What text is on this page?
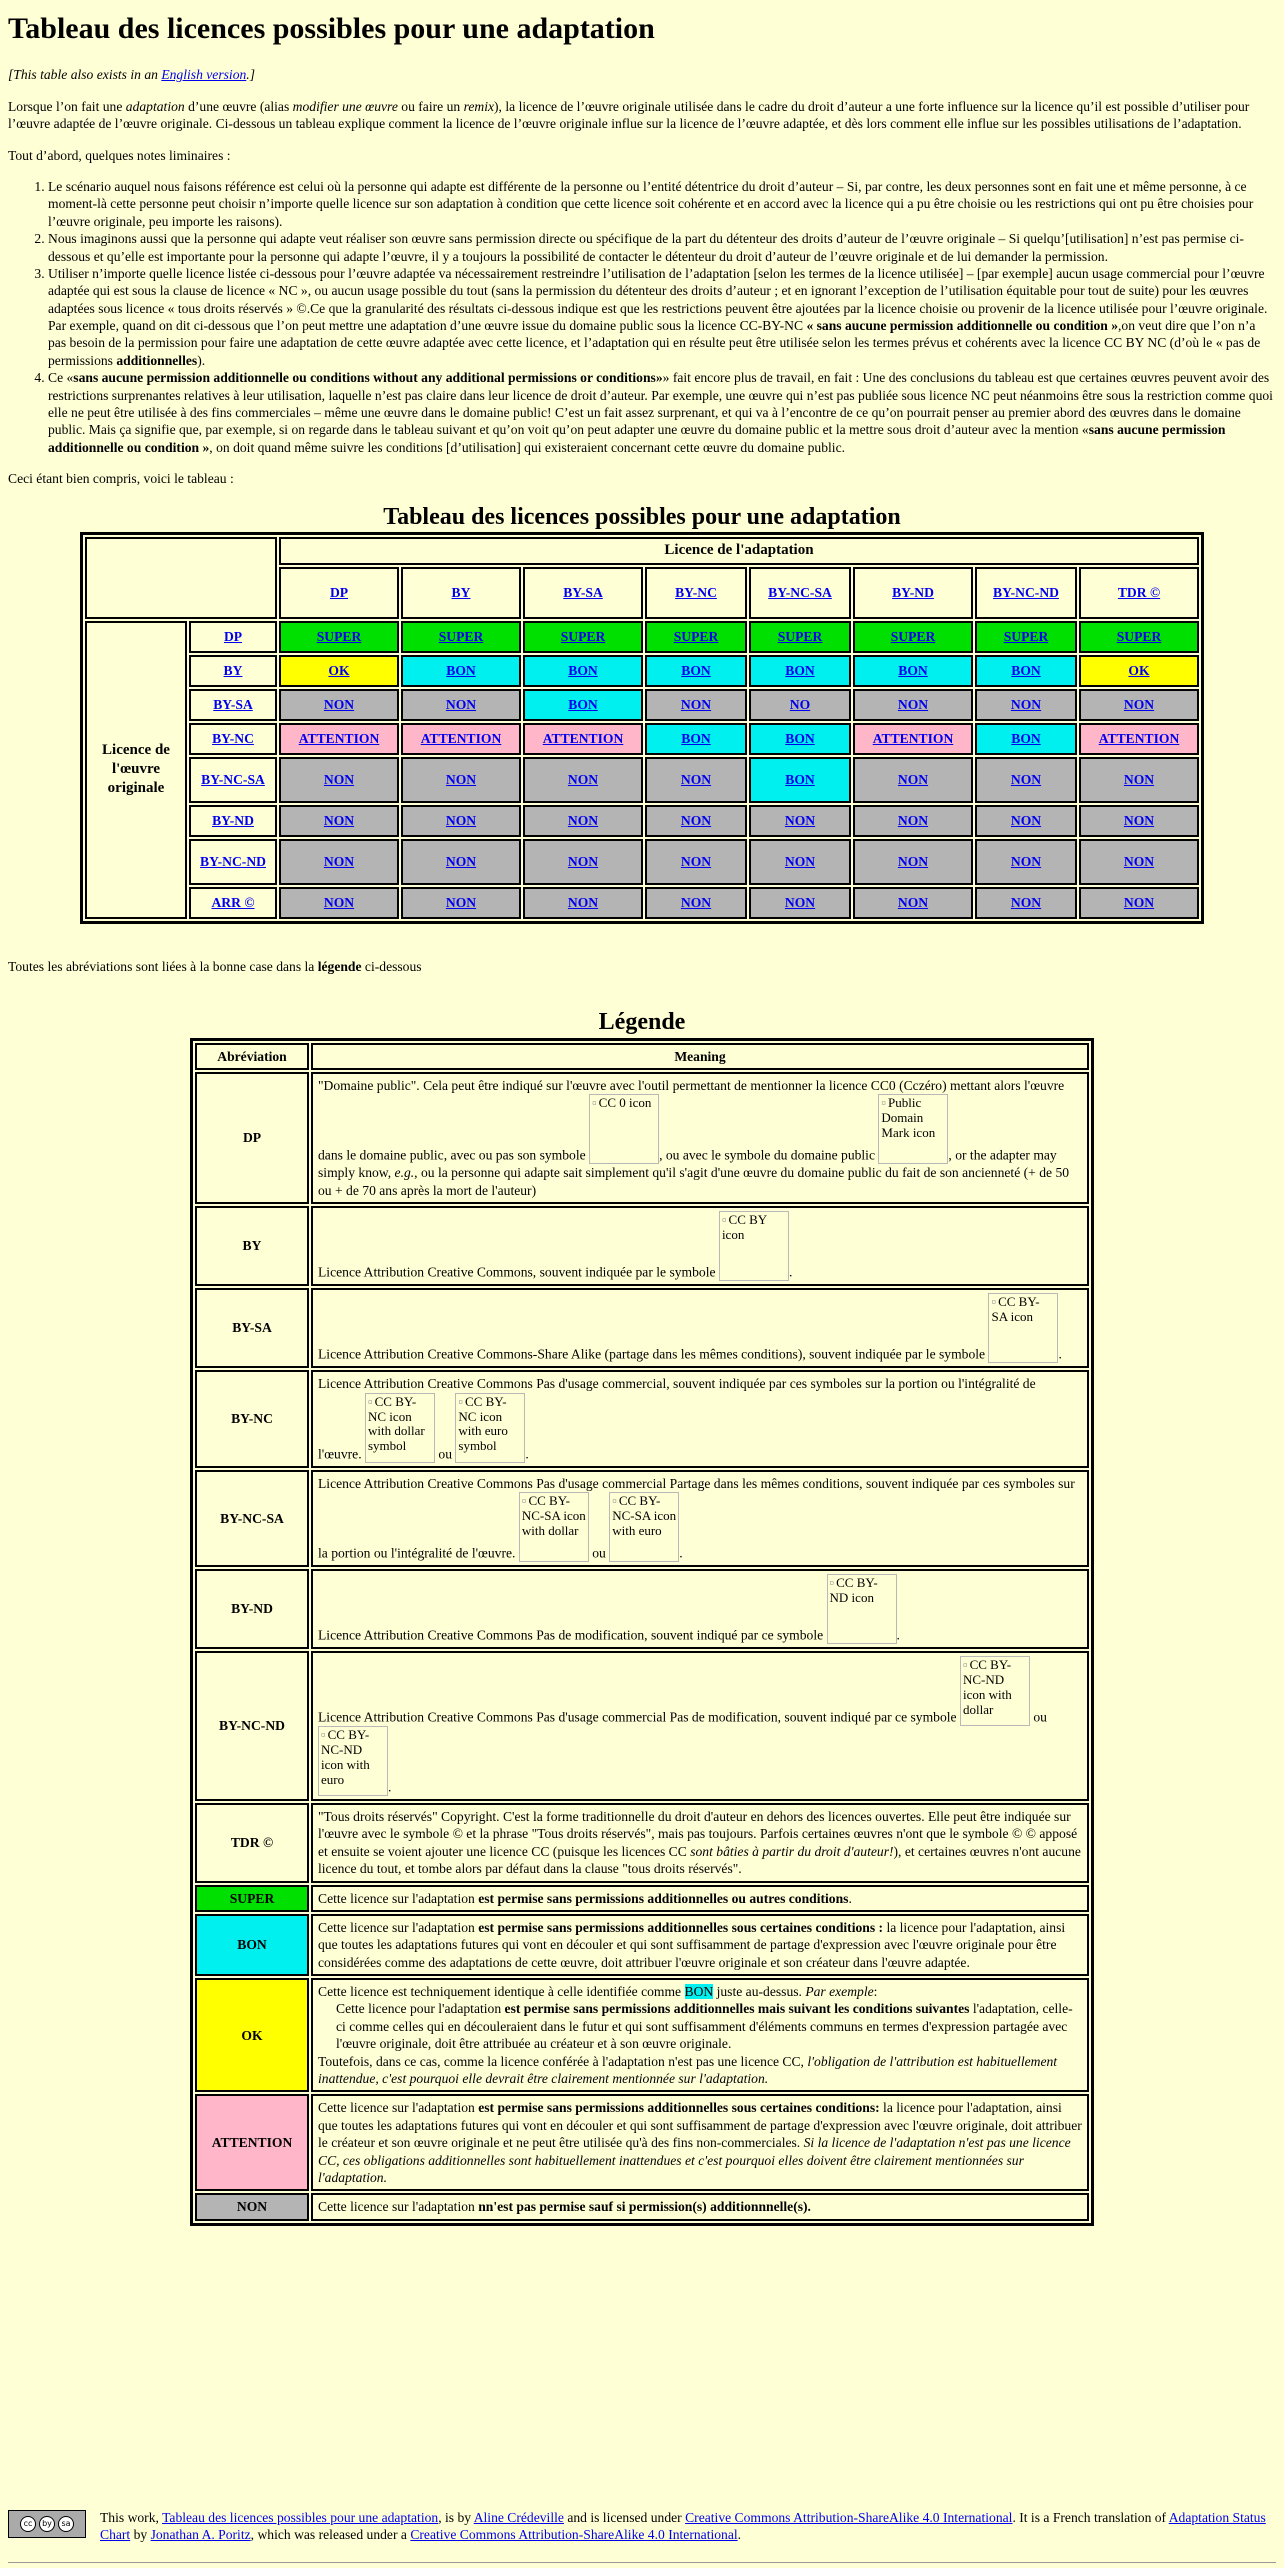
Tableau des licences possibles pour une adaptation

[This table also exists in an English version.]

Lorsque l’on fait une adaptation d’une œuvre (alias modifier une œuvre ou faire un remix), la licence de l’œuvre originale utilisée dans le cadre du droit d’auteur a une forte influence sur la licence qu’il est possible d’utiliser pour l’œuvre adaptée de l’œuvre originale. Ci-dessous un tableau explique comment la licence de l’œuvre originale influe sur la licence de l’œuvre adaptée, et dès lors comment elle influe sur les possibles utilisations de l’adaptation.

Tout d’abord, quelques notes liminaires :

1. Le scénario auquel nous faisons référence est celui où la personne qui adapte est différente de la personne ou l’entité détentrice du droit d’auteur – Si, par contre, les deux personnes sont en fait une et même personne, à ce moment-là cette personne peut choisir n’importe quelle licence sur son adaptation à condition que cette licence soit cohérente et en accord avec la licence qui a pu être choisie ou les restrictions qui ont pu être choisies pour l’œuvre originale, peu importe les raisons).
2. Nous imaginons aussi que la personne qui adapte veut réaliser son œuvre sans permission directe ou spécifique de la part du détenteur des droits d’auteur de l’œuvre originale – Si quelqu’[utilisation] n’est pas permise ci-dessous et qu’elle est importante pour la personne qui adapte l’œuvre, il y a toujours la possibilité de contacter le détenteur du droit d’auteur de l’œuvre originale et de lui demander la permission.
3. Utiliser n’importe quelle licence listée ci-dessous pour l’œuvre adaptée va nécessairement restreindre l’utilisation de l’adaptation [selon les termes de la licence utilisée] – [par exemple] aucun usage commercial pour l’œuvre adaptée qui est sous la clause de licence « NC », ou aucun usage possible du tout (sans la permission du détenteur des droits d’auteur ; et en ignorant l’exception de l’utilisation équitable pour tout de suite) pour les œuvres adaptées sous licence « tous droits réservés » ©.Ce que la granularité des résultats ci-dessous indique est que les restrictions peuvent être ajoutées par la licence choisie ou provenir de la licence utilisée pour l’œuvre originale. Par exemple, quand on dit ci-dessous que l’on peut mettre une adaptation d’une œuvre issue du domaine public sous la licence CC-BY-NC « sans aucune permission additionnelle ou condition »,on veut dire que l’on n’a pas besoin de la permission pour faire une adaptation de cette œuvre adaptée avec cette licence, et l’adaptation qui en résulte peut être utilisée selon les termes prévus et cohérents avec la licence CC BY NC (d’où le « pas de permissions additionnelles).
4. Ce «sans aucune permission additionnelle ou conditions without any additional permissions or conditions»» fait encore plus de travail, en fait : Une des conclusions du tableau est que certaines œuvres peuvent avoir des restrictions surprenantes relatives à leur utilisation, laquelle n’est pas claire dans leur licence de droit d’auteur. Par exemple, une œuvre qui n’est pas publiée sous licence NC peut néanmoins être sous la restriction comme quoi elle ne peut être utilisée à des fins commerciales – même une œuvre dans le domaine public! C’est un fait assez surprenant, et qui va à l’encontre de ce qu’on pourrait penser au premier abord des œuvres dans le domaine public. Mais ça signifie que, par exemple, si on regarde dans le tableau suivant et qu’on voit qu’on peut adapter une œuvre du domaine public et la mettre sous droit d’auteur avec la mention «sans aucune permission additionnelle ou condition », on doit quand même suivre les conditions [d’utilisation] qui existeraient concernant cette œuvre du domaine public.

Ceci étant bien compris, voici le tableau :

Tableau des licences possibles pour une adaptation
		Licence de l'adaptation							
		DP	BY	BY-SA	BY-NC	BY-NC-SA	BY-ND	BY-NC-ND	TDR ©
Licence de l'œuvre originale	DP	SUPER	SUPER	SUPER	SUPER	SUPER	SUPER	SUPER	SUPER
	BY	OK	BON	BON	BON	BON	BON	BON	OK
	BY-SA	NON	NON	BON	NON	NO	NON	NON	NON
	BY-NC	ATTENTION	ATTENTION	ATTENTION	BON	BON	ATTENTION	BON	ATTENTION
	BY-NC-SA	NON	NON	NON	NON	BON	NON	NON	NON
	BY-ND	NON	NON	NON	NON	NON	NON	NON	NON
	BY-NC-ND	NON	NON	NON	NON	NON	NON	NON	NON
	ARR ©	NON	NON	NON	NON	NON	NON	NON	NON

Toutes les abréviations sont liées à la bonne case dans la légende ci-dessous

Légende
Abréviation	Meaning
DP	"Domaine public". Cela peut être indiqué sur l'œuvre avec l'outil permettant de mentionner la licence CC0 (Cczéro) mettant alors l'œuvre dans le domaine public, avec ou pas son symbole ▫ CC 0 icon, ou avec le symbole du domaine public ▫ Public Domain Mark icon, or the adapter may simply know, e.g., ou la personne qui adapte sait simplement qu'il s'agit d'une œuvre du domaine public du fait de son ancienneté (+ de 50 ou + de 70 ans après la mort de l'auteur)
BY	Licence Attribution Creative Commons, souvent indiquée par le symbole ▫ CC BY icon.
BY-SA	Licence Attribution Creative Commons-Share Alike (partage dans les mêmes conditions), souvent indiquée par le symbole ▫ CC BY-SA icon.
BY-NC	Licence Attribution Creative Commons Pas d'usage commercial, souvent indiquée par ces symboles sur la portion ou l'intégralité de l'œuvre. ▫ CC BY-NC icon with dollar symbol ou ▫ CC BY-NC icon with euro symbol.
BY-NC-SA	Licence Attribution Creative Commons Pas d'usage commercial Partage dans les mêmes conditions, souvent indiquée par ces symboles sur la portion ou l'intégralité de l'œuvre. ▫ CC BY-NC-SA icon with dollar ou ▫ CC BY-NC-SA icon with euro.
BY-ND	Licence Attribution Creative Commons Pas de modification, souvent indiqué par ce symbole ▫ CC BY-ND icon.
BY-NC-ND	Licence Attribution Creative Commons Pas d'usage commercial Pas de modification, souvent indiqué par ce symbole ▫ CC BY-NC-ND icon with dollar ou ▫ CC BY-NC-ND icon with euro.
TDR ©	"Tous droits réservés" Copyright. C'est la forme traditionnelle du droit d'auteur en dehors des licences ouvertes. Elle peut être indiquée sur l'œuvre avec le symbole © et la phrase "Tous droits réservés", mais pas toujours. Parfois certaines œuvres n'ont que le symbole © © apposé et ensuite se voient ajouter une licence CC (puisque les licences CC sont bâties à partir du droit d'auteur!), et certaines œuvres n'ont aucune licence du tout, et tombe alors par défaut dans la clause "tous droits réservés".
SUPER	Cette licence sur l'adaptation est permise sans permissions additionnelles ou autres conditions.
BON	Cette licence sur l'adaptation est permise sans permissions additionnelles sous certaines conditions : la licence pour l'adaptation, ainsi que toutes les adaptations futures qui vont en découler et qui sont suffisamment de partage d'expression avec l'œuvre originale pour être considérées comme des adaptations de cette œuvre, doit attribuer l'œuvre originale et son créateur dans l'œuvre adaptée.
OK	Cette licence est techniquement identique à celle identifiée comme BON juste au-dessus. Par exemple:
Cette licence pour l'adaptation est permise sans permissions additionnelles mais suivant les conditions suivantes l'adaptation, celle-ci comme celles qui en découleraient dans le futur et qui sont suffisamment d'éléments communs en termes d'expression partagée avec l'œuvre originale, doit être attribuée au créateur et à son œuvre originale.
Toutefois, dans ce cas, comme la licence conférée à l'adaptation n'est pas une licence CC, l'obligation de l'attribution est habituellement inattendue, c'est pourquoi elle devrait être clairement mentionnée sur l'adaptation.
ATTENTION	Cette licence sur l'adaptation est permise sans permissions additionnelles sous certaines conditions: la licence pour l'adaptation, ainsi que toutes les adaptations futures qui vont en découler et qui sont suffisamment de partage d'expression avec l'œuvre originale, doit attribuer le créateur et son œuvre originale et ne peut être utilisée qu'à des fins non-commerciales. Si la licence de l'adaptation n'est pas une licence CC, ces obligations additionnelles sont habituellement inattendues et c'est pourquoi elles doivent être clairement mentionnées sur l'adaptation.
NON	Cette licence sur l'adaptation nn'est pas permise sauf si permission(s) additionnnelle(s).
cc	by	sa	This work, Tableau des licences possibles pour une adaptation, is by Aline Crédeville and is licensed under Creative Commons Attribution-ShareAlike 4.0 International. It is a French translation of Adaptation Status Chart by Jonathan A. Poritz, which was released under a Creative Commons Attribution-ShareAlike 4.0 International.
